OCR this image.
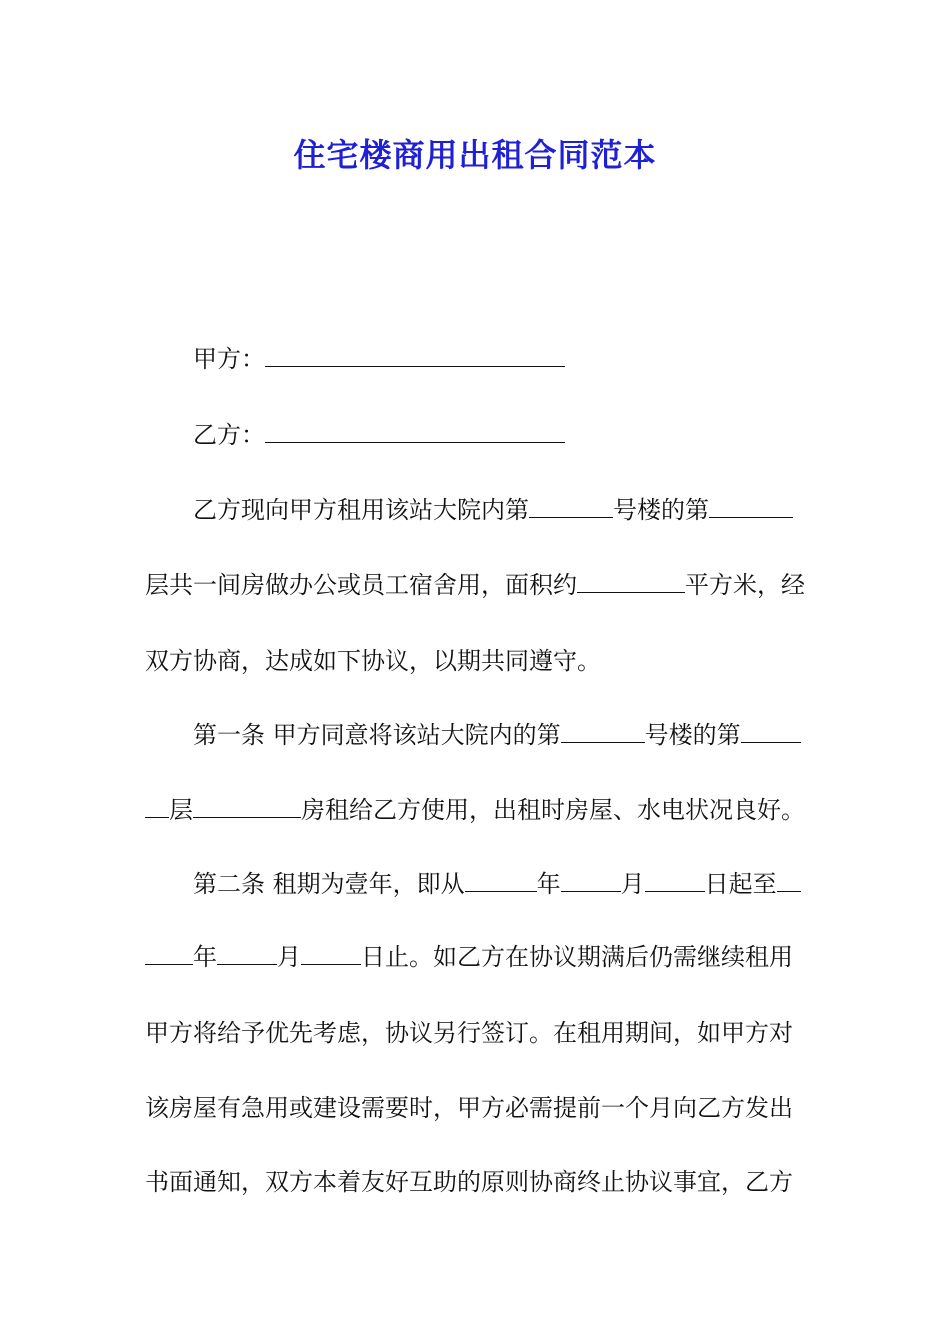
住宅楼商用出租合同范本

甲方：

乙方：

乙方现向甲方租用该站大院内第	号楼的第

层共一间房做办公或员工宿舍用，面积约	平方米，经

双方协商，达成如下协议，以期共同遵守。

第一条 甲方同意将该站大院内的第	号楼的第

层	房租给乙方使用，出租时房屋、水电状况良好。

第二条 租期为壹年，即从	年	月	日起至

年	月	日止。如乙方在协议期满后仍需继续租用

甲方将给予优先考虑，协议另行签订。在租用期间，如甲方对

该房屋有急用或建设需要时，甲方必需提前一个月向乙方发出

书面通知，双方本着友好互助的原则协商终止协议事宜，乙方
